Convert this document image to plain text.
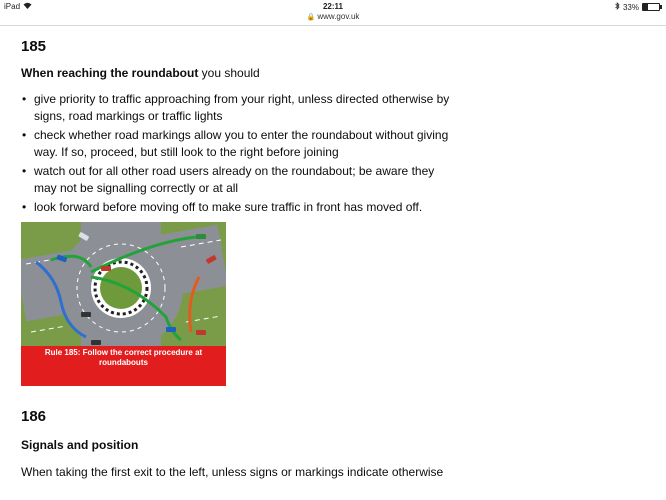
iPad	22:11	33%
🔒 www.gov.uk
185

When reaching the roundabout you should

• give priority to traffic approaching from your right, unless directed otherwise by signs, road markings or traffic lights
• check whether road markings allow you to enter the roundabout without giving way. If so, proceed, but still look to the right before joining
• watch out for all other road users already on the roundabout; be aware they may not be signalling correctly or at all
• look forward before moving off to make sure traffic in front has moved off.
Rule 185: Follow the correct procedure at roundabouts
186

Signals and position

When taking the first exit to the left, unless signs or markings indicate otherwise
